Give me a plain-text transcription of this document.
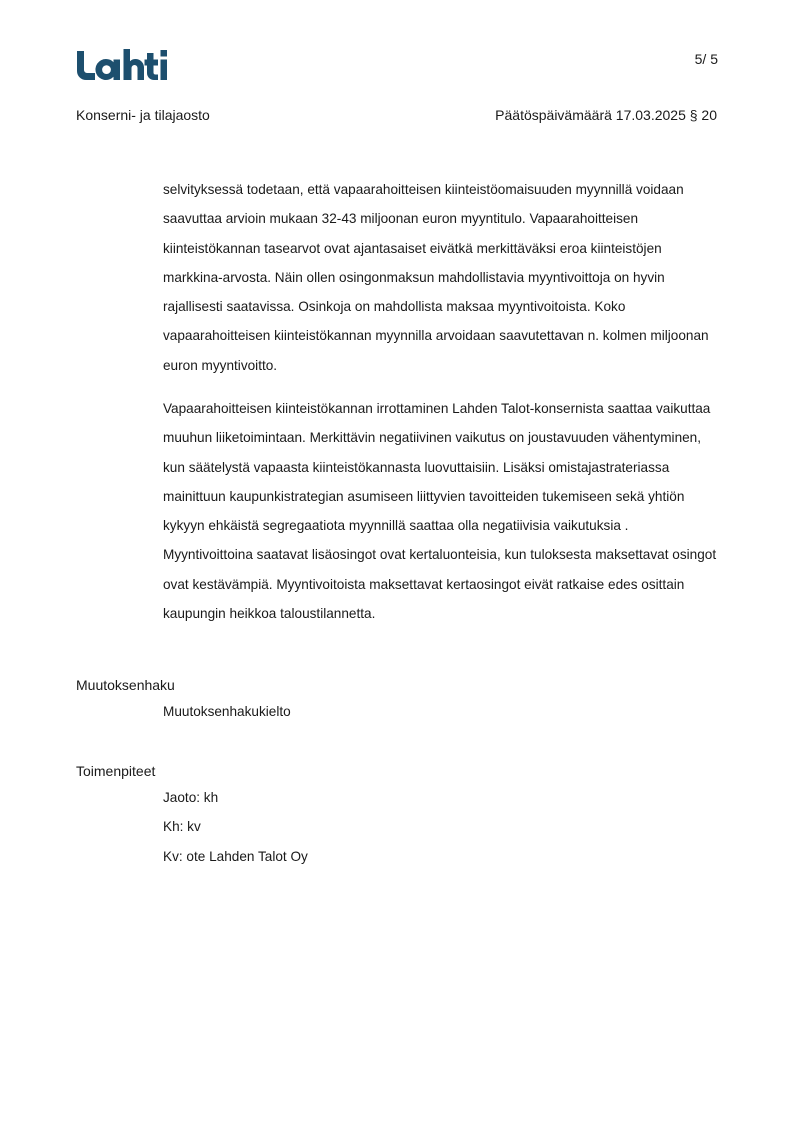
5/ 5
Konserni- ja tilajaosto	Päätöspäivämäärä 17.03.2025 § 20

selvityksessä todetaan, että vapaarahoitteisen kiinteistöomaisuuden myynnillä voidaan saavuttaa arvioin mukaan 32-43 miljoonan euron myyntitulo. Vapaarahoitteisen kiinteistökannan tasearvot ovat ajantasaiset eivätkä merkittäväksi eroa kiinteistöjen markkina-arvosta. Näin ollen osingonmaksun mahdollistavia myyntivoittoja on hyvin rajallisesti saatavissa. Osinkoja on mahdollista maksaa myyntivoitoista. Koko vapaarahoitteisen kiinteistökannan myynnilla arvoidaan saavutettavan n. kolmen miljoonan euron myyntivoitto.

Vapaarahoitteisen kiinteistökannan irrottaminen Lahden Talot-konsernista saattaa vaikuttaa muuhun liiketoimintaan. Merkittävin negatiivinen vaikutus on joustavuuden vähentyminen, kun säätelystä vapaasta kiinteistökannasta luovuttaisiin. Lisäksi omistajastrateriassa mainittuun kaupunkistrategian asumiseen liittyvien tavoitteiden tukemiseen sekä yhtiön kykyyn ehkäistä segregaatiota myynnillä saattaa olla negatiivisia vaikutuksia . Myyntivoittoina saatavat lisäosingot ovat kertaluonteisia, kun tuloksesta maksettavat osingot ovat kestävämpiä. Myyntivoitoista maksettavat kertaosingot eivät ratkaise edes osittain kaupungin heikkoa taloustilannetta.

Muutoksenhaku
Muutoksenhakukielto
Toimenpiteet
Jaoto: kh
Kh: kv
Kv: ote Lahden Talot Oy
